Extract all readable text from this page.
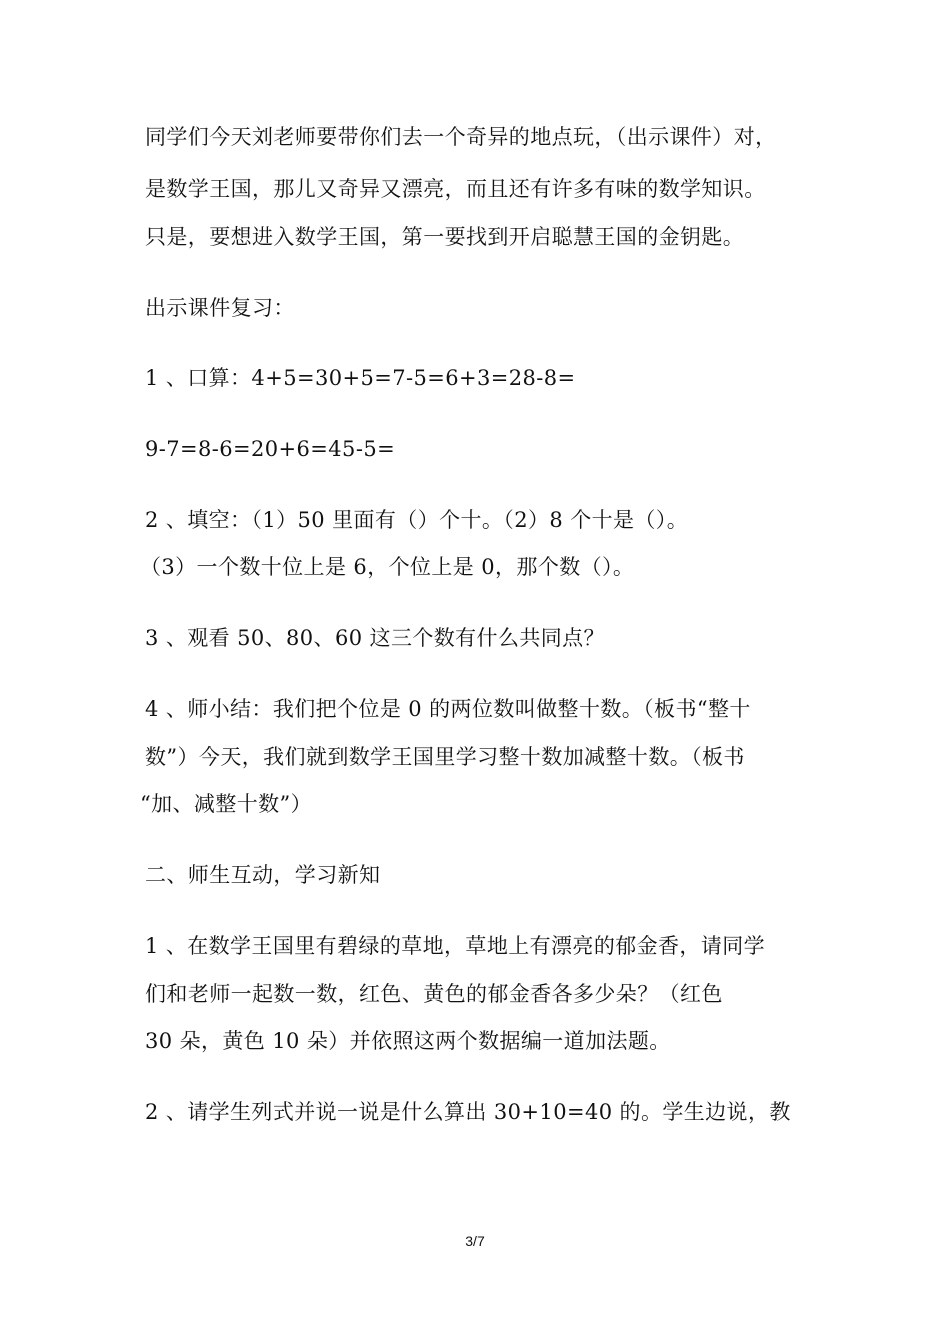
同学们今天刘老师要带你们去一个奇异的地点玩，（出示课件）对，
是数学王国，那儿又奇异又漂亮，而且还有许多有味的数学知识。
只是，要想进入数学王国，第一要找到开启聪慧王国的金钥匙。
出示课件复习：
1 、口算：4+5=30+5=7-5=6+3=28-8=
9-7=8-6=20+6=45-5=
2 、填空：（1）50 里面有（）个十。（2）8 个十是（）。
（3）一个数十位上是 6，个位上是 0，那个数（）。
3 、观看 50、80、60 这三个数有什么共同点？
4 、师小结：我们把个位是 0 的两位数叫做整十数。（板书“整十
数”）今天，我们就到数学王国里学习整十数加减整十数。（板书
“加、减整十数”）
二、师生互动，学习新知
1 、在数学王国里有碧绿的草地，草地上有漂亮的郁金香，请同学
们和老师一起数一数，红色、黄色的郁金香各多少朵？（红色
30 朵，黄色 10 朵）并依照这两个数据编一道加法题。
2 、请学生列式并说一说是什么算出 30+10=40 的。学生边说，教
3/7
